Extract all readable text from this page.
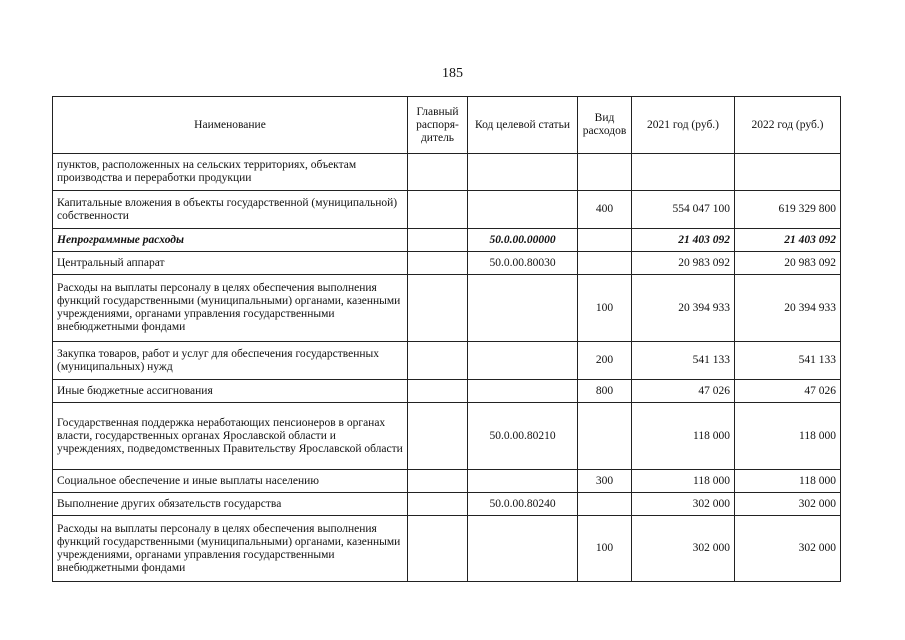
185
Наименование	Главный распоря-дитель	Код целевой статьи	Вид расходов	2021 год (руб.)	2022 год (руб.)
пунктов, расположенных на сельских территориях, объектам производства и переработки продукции					
Капитальные вложения в объекты государственной (муниципальной) собственности			400	554 047 100	619 329 800
Непрограммные расходы		50.0.00.00000		21 403 092	21 403 092
Центральный аппарат		50.0.00.80030		20 983 092	20 983 092
Расходы на выплаты персоналу в целях обеспечения выполнения функций государственными (муниципальными) органами, казенными учреждениями, органами управления государственными внебюджетными фондами			100	20 394 933	20 394 933
Закупка товаров, работ и услуг для обеспечения государственных (муниципальных) нужд			200	541 133	541 133
Иные бюджетные ассигнования			800	47 026	47 026
Государственная поддержка неработающих пенсионеров в органах власти, государственных органах Ярославской области и учреждениях, подведомственных Правительству Ярославской области		50.0.00.80210		118 000	118 000
Социальное обеспечение и иные выплаты населению			300	118 000	118 000
Выполнение других обязательств государства		50.0.00.80240		302 000	302 000
Расходы на выплаты персоналу в целях обеспечения выполнения функций государственными (муниципальными) органами, казенными учреждениями, органами управления государственными внебюджетными фондами			100	302 000	302 000
